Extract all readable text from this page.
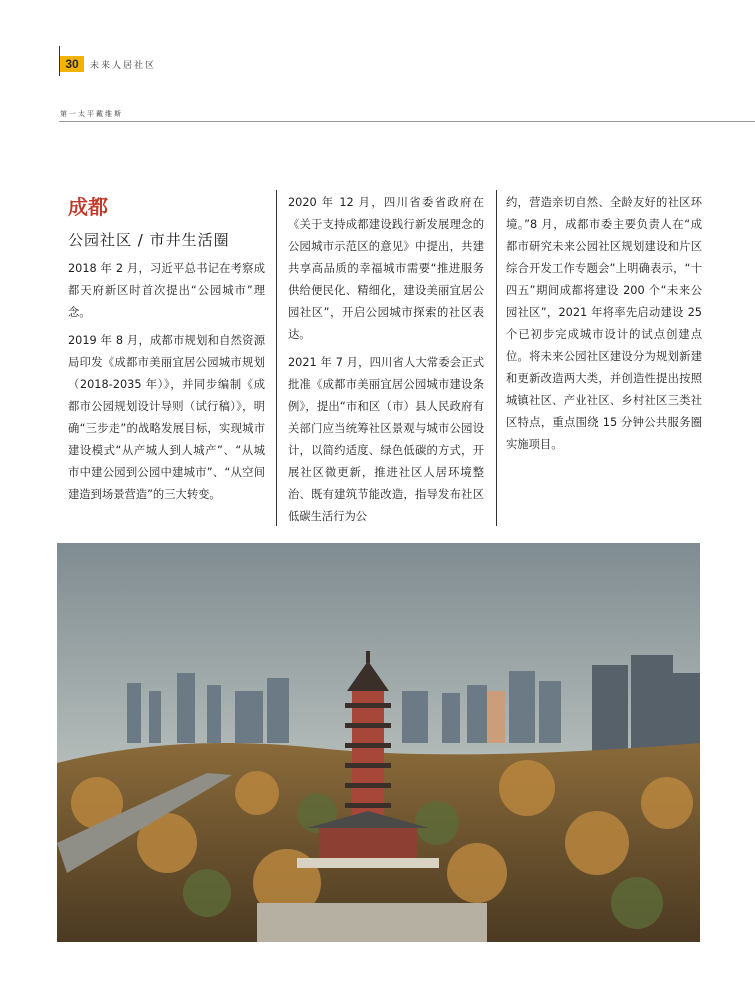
30	未来人居社区
第一太平戴维斯

成都

公园社区 / 市井生活圈

2018 年 2 月，习近平总书记在考察成都天府新区时首次提出“公园城市”理念。

2019 年 8 月，成都市规划和自然资源局印发《成都市美丽宜居公园城市规划（2018-2035 年）》，并同步编制《成都市公园规划设计导则（试行稿）》，明确“三步走”的战略发展目标，实现城市建设模式“从产城人到人城产”、“从城市中建公园到公园中建城市”、“从空间建造到场景营造”的三大转变。

2020 年 12 月，四川省委省政府在《关于支持成都建设践行新发展理念的公园城市示范区的意见》中提出，共建共享高品质的幸福城市需要“推进服务供给便民化、精细化，建设美丽宜居公园社区”，开启公园城市探索的社区表达。

2021 年 7 月，四川省人大常委会正式批准《成都市美丽宜居公园城市建设条例》，提出“市和区（市）县人民政府有关部门应当统筹社区景观与城市公园设计，以简约适度、绿色低碳的方式，开展社区微更新，推进社区人居环境整治、既有建筑节能改造，指导发布社区低碳生活行为公

约，营造亲切自然、全龄友好的社区环境。”8 月，成都市委主要负责人在“成都市研究未来公园社区规划建设和片区综合开发工作专题会”上明确表示，“十四五”期间成都将建设 200 个“未来公园社区”，2021 年将率先启动建设 25 个已初步完成城市设计的试点创建点位。将未来公园社区建设分为规划新建和更新改造两大类，并创造性提出按照城镇社区、产业社区、乡村社区三类社区特点，重点围绕 15 分钟公共服务圈实施项目。
